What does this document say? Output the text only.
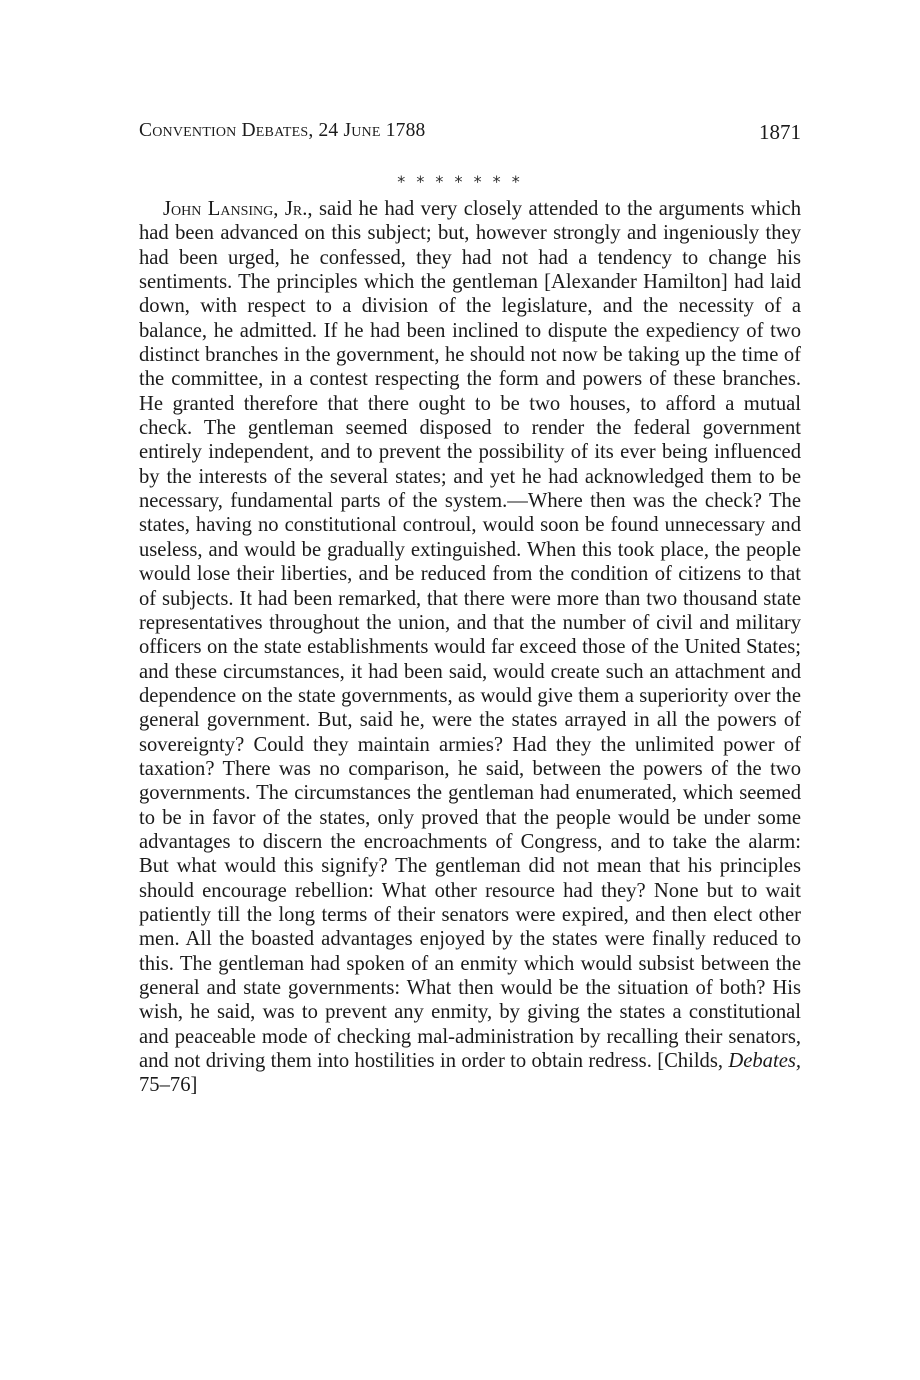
Convention Debates, 24 June 1788	1871
* * * * * * *

John Lansing, Jr., said he had very closely attended to the arguments which had been advanced on this subject; but, however strongly and ingeniously they had been urged, he confessed, they had not had a tendency to change his sentiments. The principles which the gentleman [Alexander Hamilton] had laid down, with respect to a division of the legislature, and the necessity of a balance, he admitted. If he had been inclined to dispute the expediency of two distinct branches in the government, he should not now be taking up the time of the committee, in a contest respecting the form and powers of these branches. He granted therefore that there ought to be two houses, to afford a mutual check. The gentleman seemed disposed to render the federal government entirely independent, and to prevent the possibility of its ever being influenced by the interests of the several states; and yet he had acknowledged them to be necessary, fundamental parts of the system.—Where then was the check? The states, having no constitutional controul, would soon be found unnecessary and useless, and would be gradually extinguished. When this took place, the people would lose their liberties, and be reduced from the condition of citizens to that of subjects. It had been remarked, that there were more than two thousand state representatives throughout the union, and that the number of civil and military officers on the state establishments would far exceed those of the United States; and these circumstances, it had been said, would create such an attachment and dependence on the state governments, as would give them a superiority over the general government. But, said he, were the states arrayed in all the powers of sovereignty? Could they maintain armies? Had they the unlimited power of taxation? There was no comparison, he said, between the powers of the two governments. The circumstances the gentleman had enumerated, which seemed to be in favor of the states, only proved that the people would be under some advantages to discern the encroachments of Congress, and to take the alarm: But what would this signify? The gentleman did not mean that his principles should encourage rebellion: What other resource had they? None but to wait patiently till the long terms of their senators were expired, and then elect other men. All the boasted advantages enjoyed by the states were finally reduced to this. The gentleman had spoken of an enmity which would subsist between the general and state governments: What then would be the situation of both? His wish, he said, was to prevent any enmity, by giving the states a constitutional and peaceable mode of checking mal-administration by recalling their senators, and not driving them into hostilities in order to obtain redress. [Childs, Debates, 75–76]
